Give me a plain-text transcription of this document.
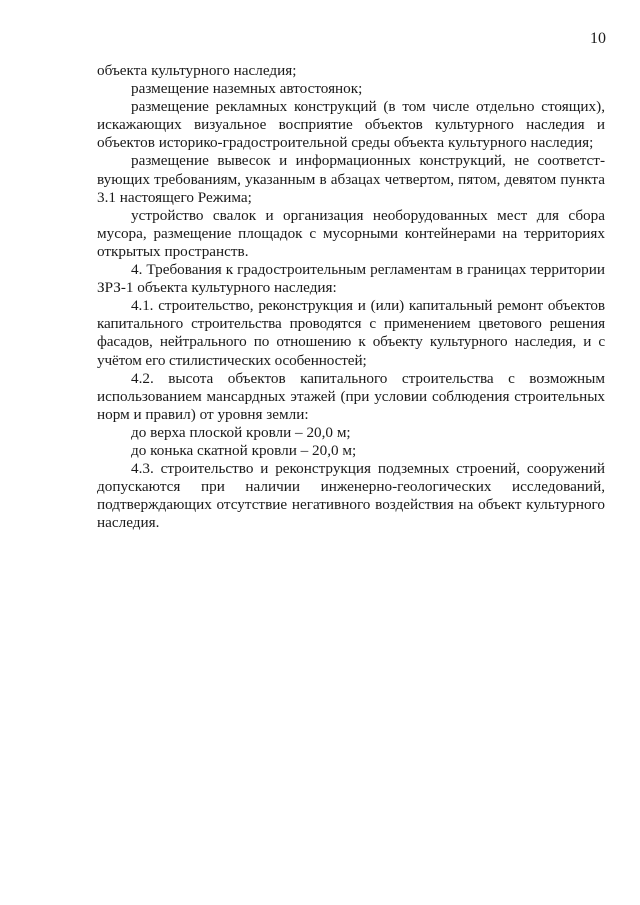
10

объекта культурного наследия;

размещение наземных автостоянок;

размещение рекламных конструкций (в том числе отдельно стоящих), искажающих визуальное восприятие объектов культурного наследия и объектов историко-градостроительной среды объекта культурного наследия;

размещение вывесок и информационных конструкций, не соответствующих требованиям, указанным в абзацах четвертом, пятом, девятом пункта 3.1 настоящего Режима;

устройство свалок и организация необорудованных мест для сбора мусора, размещение площадок с мусорными контейнерами на территориях открытых пространств.

4. Требования к градостроительным регламентам в границах территории ЗРЗ-1 объекта культурного наследия:

4.1. строительство, реконструкция и (или) капитальный ремонт объектов капитального строительства проводятся с применением цветового решения фасадов, нейтрального по отношению к объекту культурного наследия, и с учётом его стилистических особенностей;

4.2. высота объектов капитального строительства с возможным использованием мансардных этажей (при условии соблюдения строительных норм и правил) от уровня земли:

до верха плоской кровли – 20,0 м;

до конька скатной кровли – 20,0 м;

4.3. строительство и реконструкция подземных строений, сооружений допускаются при наличии инженерно-геологических исследований, подтверждающих отсутствие негативного воздействия на объект культурного наследия.
